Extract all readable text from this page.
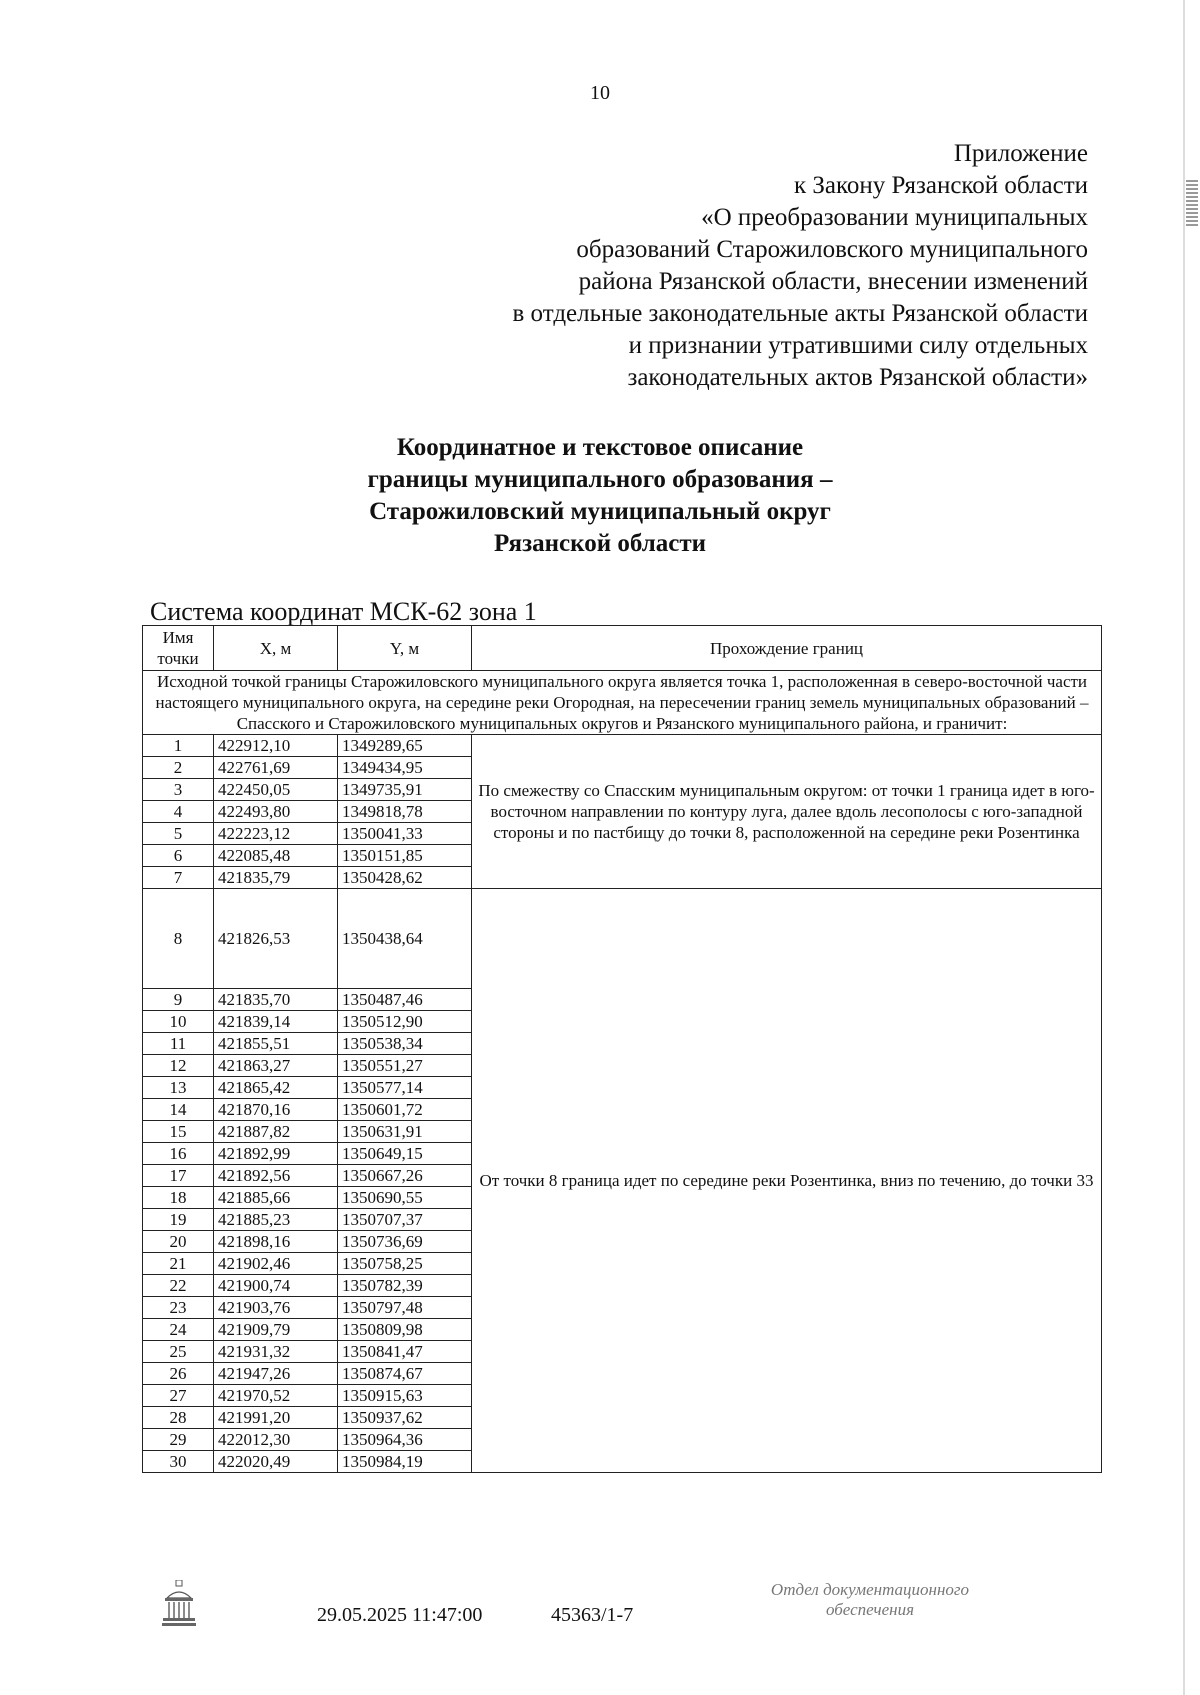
10
Приложение
к Закону Рязанской области
«О преобразовании муниципальных
образований Старожиловского муниципального
района Рязанской области, внесении изменений
в отдельные законодательные акты Рязанской области
и признании утратившими силу отдельных
законодательных актов Рязанской области»
Координатное и текстовое описание
границы муниципального образования –
Старожиловский муниципальный округ
Рязанской области
Система координат МСК-62 зона 1
Имя точки	X, м	Y, м	Прохождение границ
Исходной точкой границы Старожиловского муниципального округа является точка 1, расположенная в северо-восточной части настоящего муниципального округа, на середине реки Огородная, на пересечении границ земель муниципальных образований – Спасского и Старожиловского муниципальных округов и Рязанского муниципального района, и граничит:			
1	422912,10	1349289,65	По смежеству со Спасским муниципальным округом: от точки 1 граница идет в юго-восточном направлении по контуру луга, далее вдоль лесополосы с юго-западной стороны и по пастбищу до точки 8, расположенной на середине реки Розентинка
2	422761,69	1349434,95	
3	422450,05	1349735,91	
4	422493,80	1349818,78	
5	422223,12	1350041,33	
6	422085,48	1350151,85	
7	421835,79	1350428,62	
8	421826,53	1350438,64	От точки 8 граница идет по середине реки Розентинка, вниз по течению, до точки 33
9	421835,70	1350487,46	
10	421839,14	1350512,90	
11	421855,51	1350538,34	
12	421863,27	1350551,27	
13	421865,42	1350577,14	
14	421870,16	1350601,72	
15	421887,82	1350631,91	
16	421892,99	1350649,15	
17	421892,56	1350667,26	
18	421885,66	1350690,55	
19	421885,23	1350707,37	
20	421898,16	1350736,69	
21	421902,46	1350758,25	
22	421900,74	1350782,39	
23	421903,76	1350797,48	
24	421909,79	1350809,98	
25	421931,32	1350841,47	
26	421947,26	1350874,67	
27	421970,52	1350915,63	
28	421991,20	1350937,62	
29	422012,30	1350964,36	
30	422020,49	1350984,19	
29.05.2025 11:47:00	45363/1-7
Отдел документационного
обеспечения
